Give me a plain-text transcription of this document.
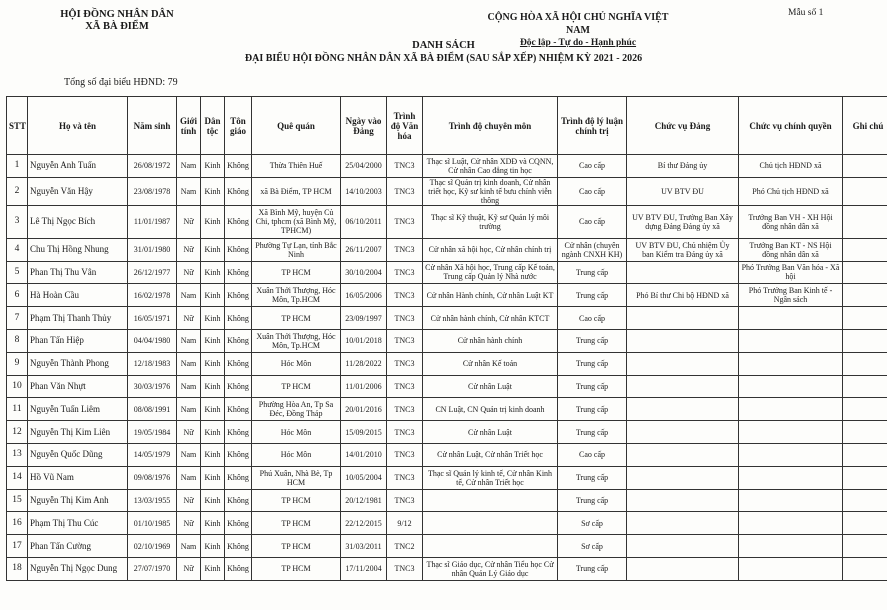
HỘI ĐỒNG NHÂN DÂN
XÃ BÀ ĐIỂM
CỘNG HÒA XÃ HỘI CHỦ NGHĨA VIỆT NAM
Độc lập - Tự do - Hạnh phúc
Mẫu số 1
DANH SÁCH
ĐẠI BIỂU HỘI ĐỒNG NHÂN DÂN XÃ BÀ ĐIỂM (SAU SẮP XẾP) NHIỆM KỲ 2021 - 2026
Tổng số đại biểu HĐND: 79
STT	Họ và tên	Năm sinh	Giới tính	Dân tộc	Tôn giáo	Quê quán	Ngày vào Đảng	Trình độ Văn hóa	Trình độ chuyên môn	Trình độ lý luận chính trị	Chức vụ Đảng	Chức vụ chính quyền	Ghi chú
1	Nguyễn Anh Tuấn	26/08/1972	Nam	Kinh	Không	Thừa Thiên Huế	25/04/2000	TNC3	Thạc sĩ Luật, Cử nhân XDĐ và CQNN, Cử nhân Cao đẳng tin học	Cao cấp	Bí thư Đảng ủy	Chủ tịch HĐND xã	
2	Nguyễn Văn Hậy	23/08/1978	Nam	Kinh	Không	xã Bà Điểm, TP HCM	14/10/2003	TNC3	Thạc sĩ Quản trị kinh doanh, Cử nhân triết học, Kỹ sư kinh tế bưu chính viễn thông	Cao cấp	UV BTV ĐU	Phó Chủ tịch HĐND xã	
3	Lê Thị Ngọc Bích	11/01/1987	Nữ	Kinh	Không	Xã Bình Mỹ, huyện Củ Chi, tphcm (xã Bình Mỹ, TPHCM)	06/10/2011	TNC3	Thạc sĩ Kỹ thuật, Kỹ sư Quản lý môi trường	Cao cấp	UV BTV ĐU, Trưởng Ban Xây dựng Đảng Đảng ủy xã	Trưởng Ban VH - XH Hội đồng nhân dân xã	
4	Chu Thị Hồng Nhung	31/01/1980	Nữ	Kinh	Không	Phường Tự Lạn, tỉnh Bắc Ninh	26/11/2007	TNC3	Cử nhân xã hội học, Cử nhân chính trị	Cử nhân (chuyên ngành CNXH KH)	UV BTV ĐU, Chủ nhiệm Ủy ban Kiểm tra Đảng ủy xã	Trưởng Ban KT - NS Hội đồng nhân dân xã	
5	Phan Thị Thu Vân	26/12/1977	Nữ	Kinh	Không	TP HCM	30/10/2004	TNC3	Cử nhân Xã hội học, Trung cấp Kế toán, Trung cấp Quản lý Nhà nước	Trung cấp		Phó Trưởng Ban Văn hóa - Xã hội	
6	Hà Hoàn Cầu	16/02/1978	Nam	Kinh	Không	Xuân Thới Thượng, Hóc Môn, Tp.HCM	16/05/2006	TNC3	Cử nhân Hành chính, Cử nhân Luật KT	Trung cấp	Phó Bí thư Chi bộ HĐND xã	Phó Trưởng Ban Kinh tế - Ngân sách	
7	Phạm Thị Thanh Thủy	16/05/1971	Nữ	Kinh	Không	TP HCM	23/09/1997	TNC3	Cử nhân hành chính, Cử nhân KTCT	Cao cấp			
8	Phan Tấn Hiệp	04/04/1980	Nam	Kinh	Không	Xuân Thới Thượng, Hóc Môn, Tp.HCM	10/01/2018	TNC3	Cử nhân hành chính	Trung cấp			
9	Nguyễn Thành Phong	12/18/1983	Nam	Kinh	Không	Hóc Môn	11/28/2022	TNC3	Cử nhân Kế toán	Trung cấp			
10	Phan Văn Nhựt	30/03/1976	Nam	Kinh	Không	TP HCM	11/01/2006	TNC3	Cử nhân Luật	Trung cấp			
11	Nguyễn Tuấn Liêm	08/08/1991	Nam	Kinh	Không	Phường Hòa An, Tp Sa Đéc, Đồng Tháp	20/01/2016	TNC3	CN Luật, CN Quản trị kinh doanh	Trung cấp			
12	Nguyễn Thị Kim Liên	19/05/1984	Nữ	Kinh	Không	Hóc Môn	15/09/2015	TNC3	Cử nhân Luật	Trung cấp			
13	Nguyễn Quốc Dũng	14/05/1979	Nam	Kinh	Không	Hóc Môn	14/01/2010	TNC3	Cử nhân Luật, Cử nhân Triết học	Cao cấp			
14	Hồ Vũ Nam	09/08/1976	Nam	Kinh	Không	Phú Xuân, Nhà Bè, Tp HCM	10/05/2004	TNC3	Thạc sĩ Quản lý kinh tế, Cử nhân Kinh tế, Cử nhân Triết học	Trung cấp			
15	Nguyễn Thị Kim Anh	13/03/1955	Nữ	Kinh	Không	TP HCM	20/12/1981	TNC3		Trung cấp			
16	Phạm Thị Thu Cúc	01/10/1985	Nữ	Kinh	Không	TP HCM	22/12/2015	9/12		Sơ cấp			
17	Phan Tấn Cường	02/10/1969	Nam	Kinh	Không	TP HCM	31/03/2011	TNC2		Sơ cấp			
18	Nguyễn Thị Ngọc Dung	27/07/1970	Nữ	Kinh	Không	TP HCM	17/11/2004	TNC3	Thạc sĩ Giáo dục, Cử nhân Tiểu học Cử nhân Quản Lý Giáo dục	Trung cấp			
